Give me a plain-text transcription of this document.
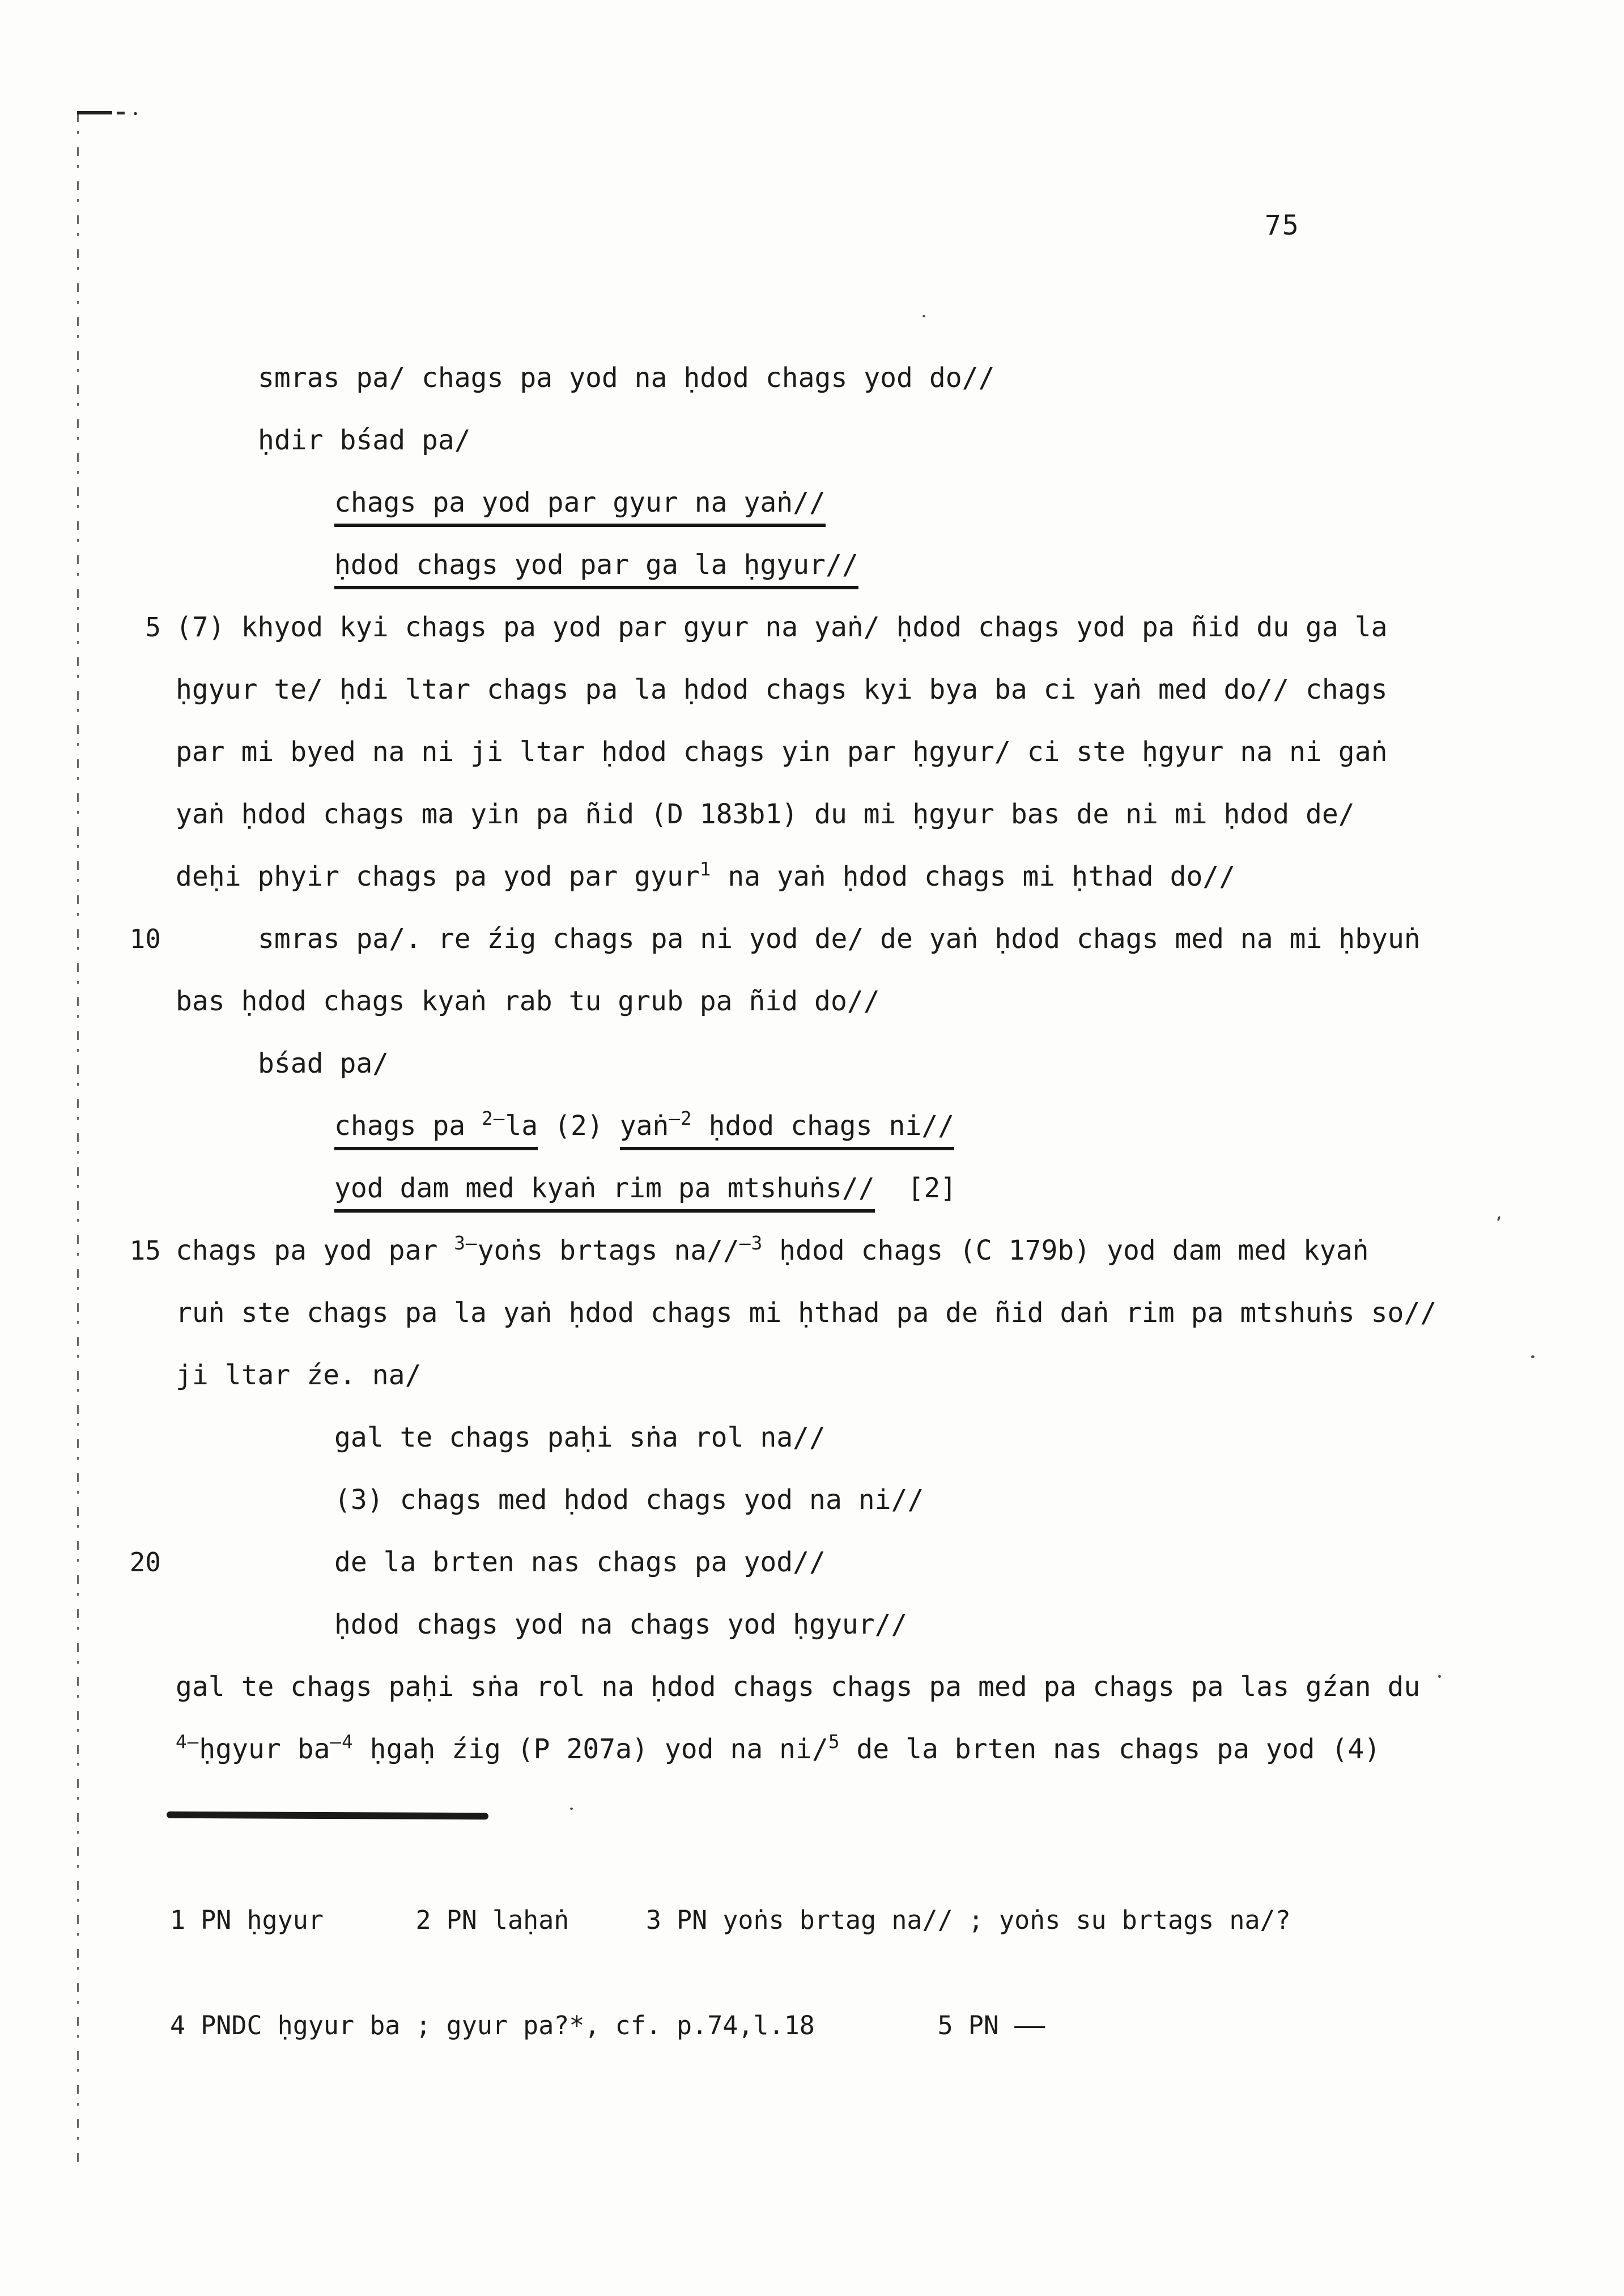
75
smras pa/ chags pa yod na ḥdod chags yod do//
ḥdir bśad pa/
chags pa yod par gyur na yaṅ//
ḥdod chags yod par ga la ḥgyur//
5 (7) khyod kyi chags pa yod par gyur na yaṅ/ ḥdod chags yod pa ñid du ga la
ḥgyur te/ ḥdi ltar chags pa la ḥdod chags kyi bya ba ci yaṅ med do// chags
par mi byed na ni ji ltar ḥdod chags yin par ḥgyur/ ci ste ḥgyur na ni gaṅ
yaṅ ḥdod chags ma yin pa ñid (D 183b1) du mi ḥgyur bas de ni mi ḥdod de/
deḥi phyir chags pa yod par gyur$^1$ na yaṅ ḥdod chags mi ḥthad do//
10	smras pa/. re źig chags pa ni yod de/ de yaṅ ḥdod chags med na mi ḥbyuṅ
bas ḥdod chags kyaṅ rab tu grub pa ñid do//
bśad pa/
chags pa $^{2-}$la (2) yaṅ$^{-2}$ ḥdod chags ni//
yod dam med kyaṅ rim pa mtshuṅs//  [2]
15 chags pa yod par $^{3-}$yoṅs brtags na//$^{-3}$ ḥdod chags (C 179b) yod dam med kyaṅ
ruṅ ste chags pa la yaṅ ḥdod chags mi ḥthad pa de ñid daṅ rim pa mtshuṅs so//
ji ltar źe. na/
gal te chags paḥi sṅa rol na//
(3) chags med ḥdod chags yod na ni//
20	de la brten nas chags pa yod//
ḥdod chags yod na chags yod ḥgyur//
gal te chags paḥi sṅa rol na ḥdod chags chags pa med pa chags pa las gźan du
$^{4-}$ḥgyur $ba^{-4}$ ḥgaḥ źig (P 207a) yod na ni/$^5$ de la brten nas chags pa yod (4)

1 PN ḥgyur      2 PN laḥaṅ     3 PN yoṅs brtag na// ; yoṅs su brtags na/?

4 PNDC ḥgyur ba ; gyur pa?*, cf. p.74,l.18        5 PN ——
